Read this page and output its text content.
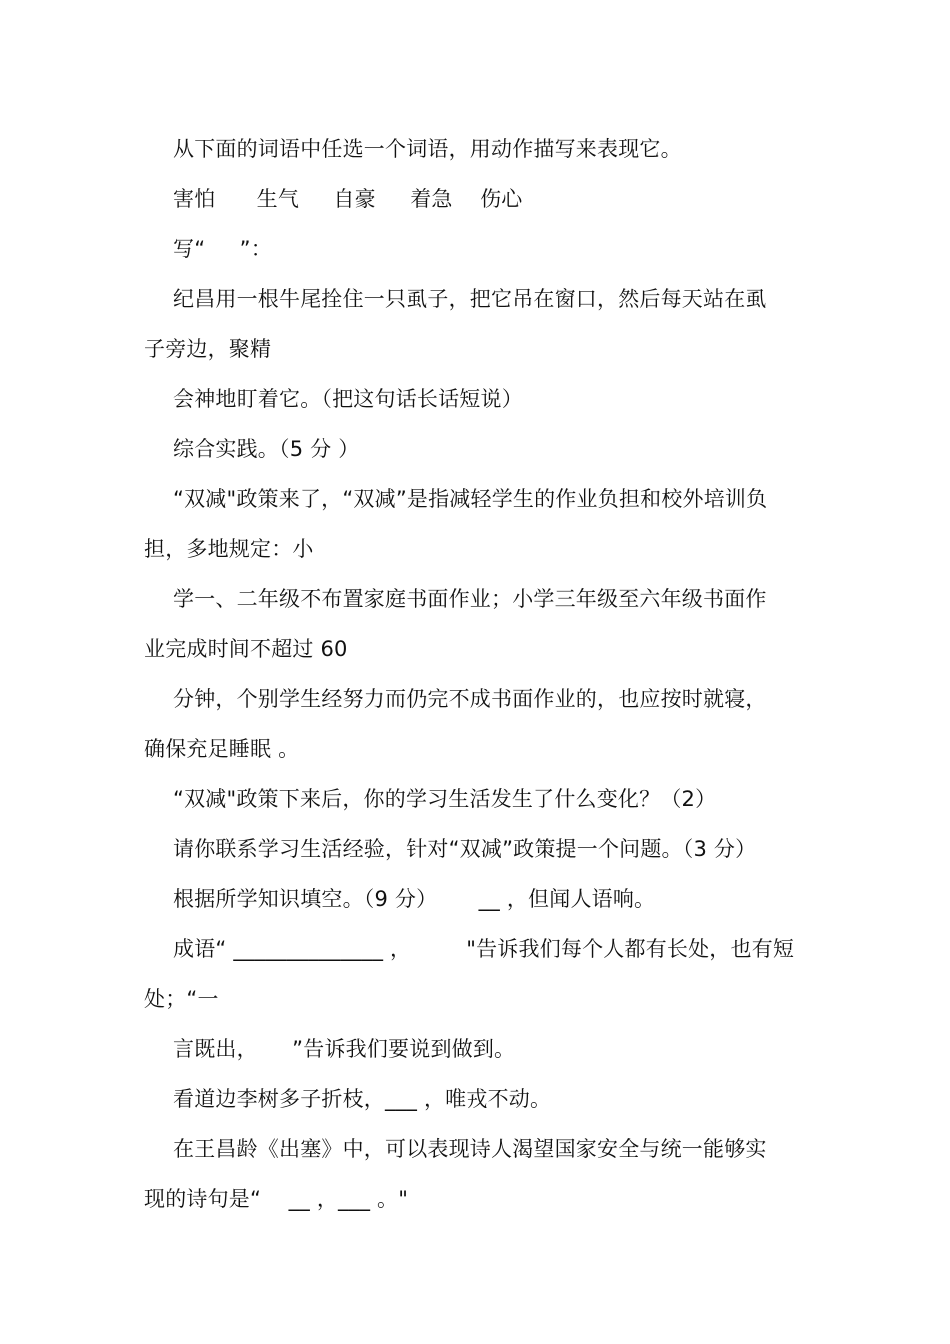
从下面的词语中任选一个词语，用动作描写来表现它。
害怕      生气     自豪     着急    伤心
写“     ”：
纪昌用一根牛尾拴住一只虱子，把它吊在窗口，然后每天站在虱
子旁边，聚精
会神地盯着它。（把这句话长话短说）
综合实践。（5 分 ）
“双减"政策来了，“双减”是指减轻学生的作业负担和校外培训负
担，多地规定：小
学一、二年级不布置家庭书面作业；小学三年级至六年级书面作
业完成时间不超过 60
分钟，个别学生经努力而仍完不成书面作业的，也应按时就寝，
确保充足睡眠 。
“双减"政策下来后，你的学习生活发生了什么变化？（2）
请你联系学习生活经验，针对“双减”政策提一个问题。（3 分）
根据所学知识填空。（9 分）      __ ，但闻人语响。
成语“ ______________ ，        "告诉我们每个人都有长处，也有短
处；“一
言既出，     ”告诉我们要说到做到。
看道边李树多子折枝，___ ，唯戎不动。
在王昌龄《出塞》中，可以表现诗人渴望国家安全与统一能够实
现的诗句是“    __ ，___ 。"
